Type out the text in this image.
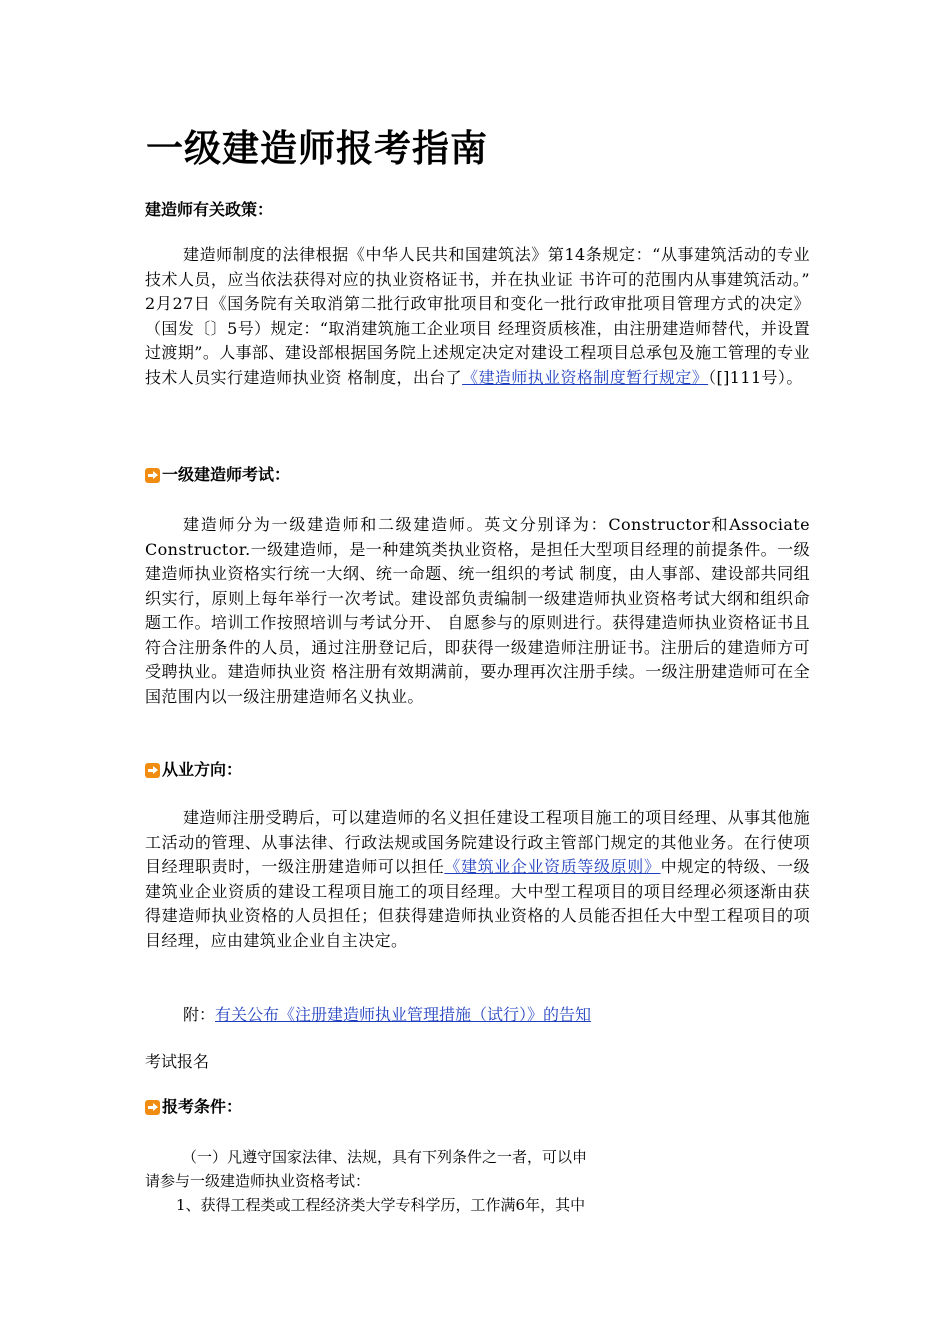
一级建造师报考指南
建造师有关政策：

建造师制度的法律根据《中华人民共和国建筑法》第14条规定：“从事建筑活动的专业技术人员，应当依法获得对应的执业资格证书，并在执业证 书许可的范围内从事建筑活动。” 2月27日《国务院有关取消第二批行政审批项目和变化一批行政审批项目管理方式的决定》（国发〔〕5号）规定：“取消建筑施工企业项目 经理资质核准，由注册建造师替代，并设置过渡期”。人事部、建设部根据国务院上述规定决定对建设工程项目总承包及施工管理的专业技术人员实行建造师执业资 格制度，出台了《建造师执业资格制度暂行规定》（[]111号）。

一级建造师考试：

建造师分为一级建造师和二级建造师。英文分别译为：Constructor和Associate Constructor.一级建造师，是一种建筑类执业资格，是担任大型项目经理的前提条件。一级建造师执业资格实行统一大纲、统一命题、统一组织的考试 制度，由人事部、建设部共同组织实行，原则上每年举行一次考试。建设部负责编制一级建造师执业资格考试大纲和组织命题工作。培训工作按照培训与考试分开、 自愿参与的原则进行。获得建造师执业资格证书且符合注册条件的人员，通过注册登记后，即获得一级建造师注册证书。注册后的建造师方可受聘执业。建造师执业资 格注册有效期满前，要办理再次注册手续。一级注册建造师可在全国范围内以一级注册建造师名义执业。

从业方向：

建造师注册受聘后，可以建造师的名义担任建设工程项目施工的项目经理、从事其他施工活动的管理、从事法律、行政法规或国务院建设行政主管部门规定的其他业务。在行使项目经理职责时，一级注册建造师可以担任《建筑业企业资质等级原则》中规定的特级、一级建筑业企业资质的建设工程项目施工的项目经理。大中型工程项目的项目经理必须逐渐由获得建造师执业资格的人员担任；但获得建造师执业资格的人员能否担任大中型工程项目的项目经理，应由建筑业企业自主决定。

附：有关公布《注册建造师执业管理措施（试行）》的告知

考试报名

报考条件：

（一）凡遵守国家法律、法规，具有下列条件之一者，可以申

请参与一级建造师执业资格考试：

1、获得工程类或工程经济类大学专科学历，工作满6年，其中
